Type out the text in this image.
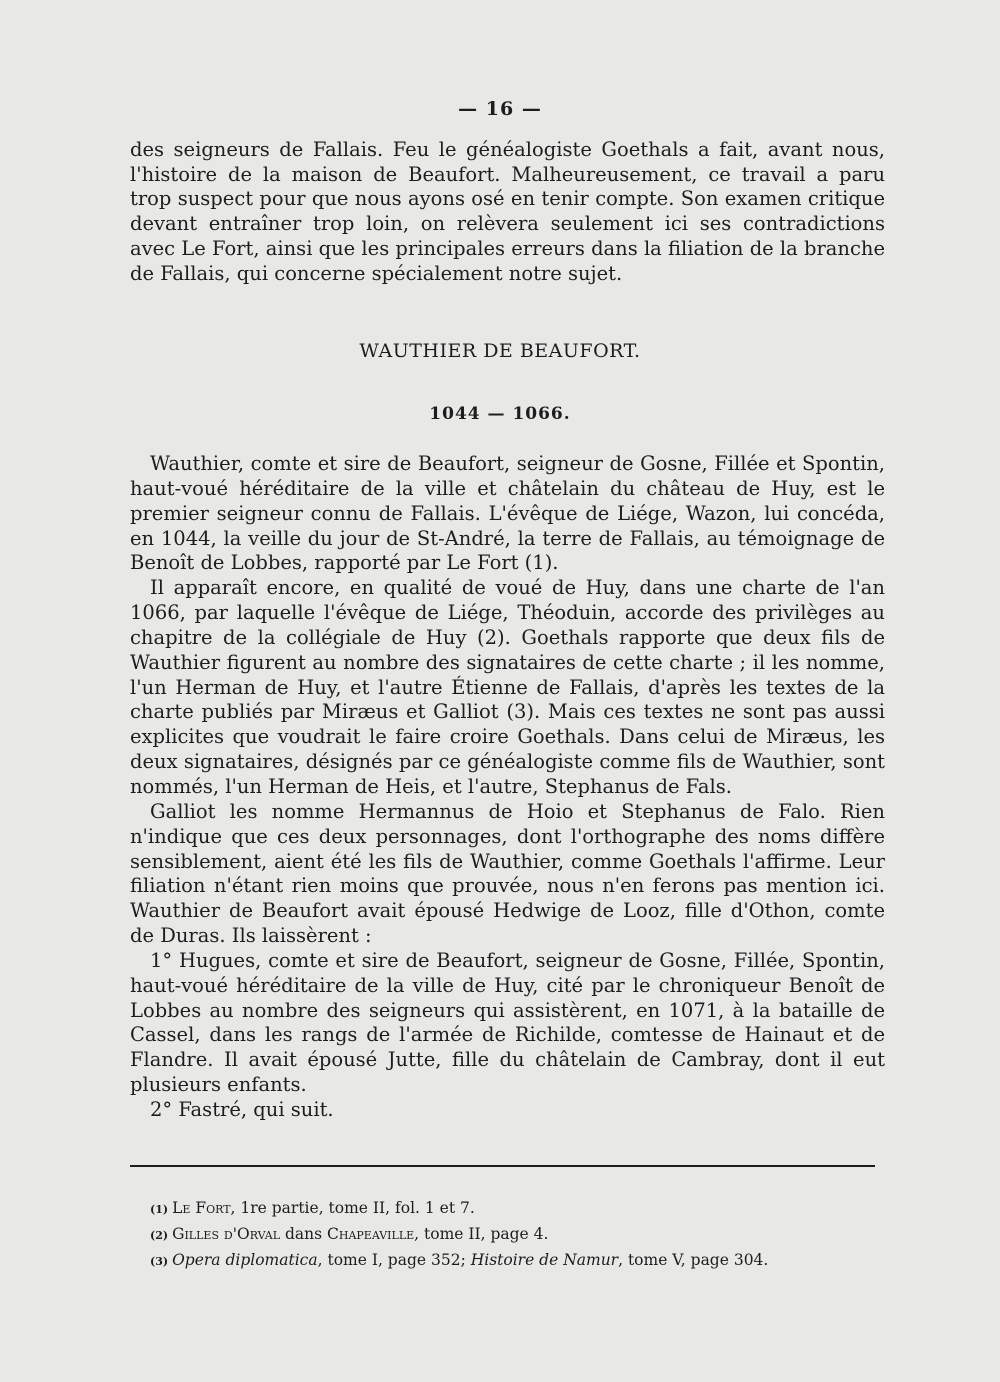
— 16 —

des seigneurs de Fallais. Feu le généalogiste Goethals a fait, avant nous, l'histoire de la maison de Beaufort. Malheureusement, ce travail a paru trop suspect pour que nous ayons osé en tenir compte. Son examen critique devant entraîner trop loin, on relèvera seulement ici ses contradictions avec Le Fort, ainsi que les principales erreurs dans la filiation de la branche de Fallais, qui concerne spécialement notre sujet.

WAUTHIER DE BEAUFORT.
1044 — 1066.

Wauthier, comte et sire de Beaufort, seigneur de Gosne, Fillée et Spontin, haut-voué héréditaire de la ville et châtelain du château de Huy, est le premier seigneur connu de Fallais. L'évêque de Liége, Wazon, lui concéda, en 1044, la veille du jour de St-André, la terre de Fallais, au témoignage de Benoît de Lobbes, rapporté par Le Fort (1).

Il apparaît encore, en qualité de voué de Huy, dans une charte de l'an 1066, par laquelle l'évêque de Liége, Théoduin, accorde des privilèges au chapitre de la collégiale de Huy (2). Goethals rapporte que deux fils de Wauthier figurent au nombre des signataires de cette charte ; il les nomme, l'un Herman de Huy, et l'autre Étienne de Fallais, d'après les textes de la charte publiés par Miræus et Galliot (3). Mais ces textes ne sont pas aussi explicites que voudrait le faire croire Goethals. Dans celui de Miræus, les deux signataires, désignés par ce généalogiste comme fils de Wauthier, sont nommés, l'un Herman de Heis, et l'autre, Stephanus de Fals.

Galliot les nomme Hermannus de Hoio et Stephanus de Falo. Rien n'indique que ces deux personnages, dont l'orthographe des noms diffère sensiblement, aient été les fils de Wauthier, comme Goethals l'affirme. Leur filiation n'étant rien moins que prouvée, nous n'en ferons pas mention ici. Wauthier de Beaufort avait épousé Hedwige de Looz, fille d'Othon, comte de Duras. Ils laissèrent :

1° Hugues, comte et sire de Beaufort, seigneur de Gosne, Fillée, Spontin, haut-voué héréditaire de la ville de Huy, cité par le chroniqueur Benoît de Lobbes au nombre des seigneurs qui assistèrent, en 1071, à la bataille de Cassel, dans les rangs de l'armée de Richilde, comtesse de Hainaut et de Flandre. Il avait épousé Jutte, fille du châtelain de Cambray, dont il eut plusieurs enfants.

2° Fastré, qui suit.

(1) Le Fort, 1re partie, tome II, fol. 1 et 7.

(2) Gilles d'Orval dans Chapeaville, tome II, page 4.

(3) Opera diplomatica, tome I, page 352; Histoire de Namur, tome V, page 304.
